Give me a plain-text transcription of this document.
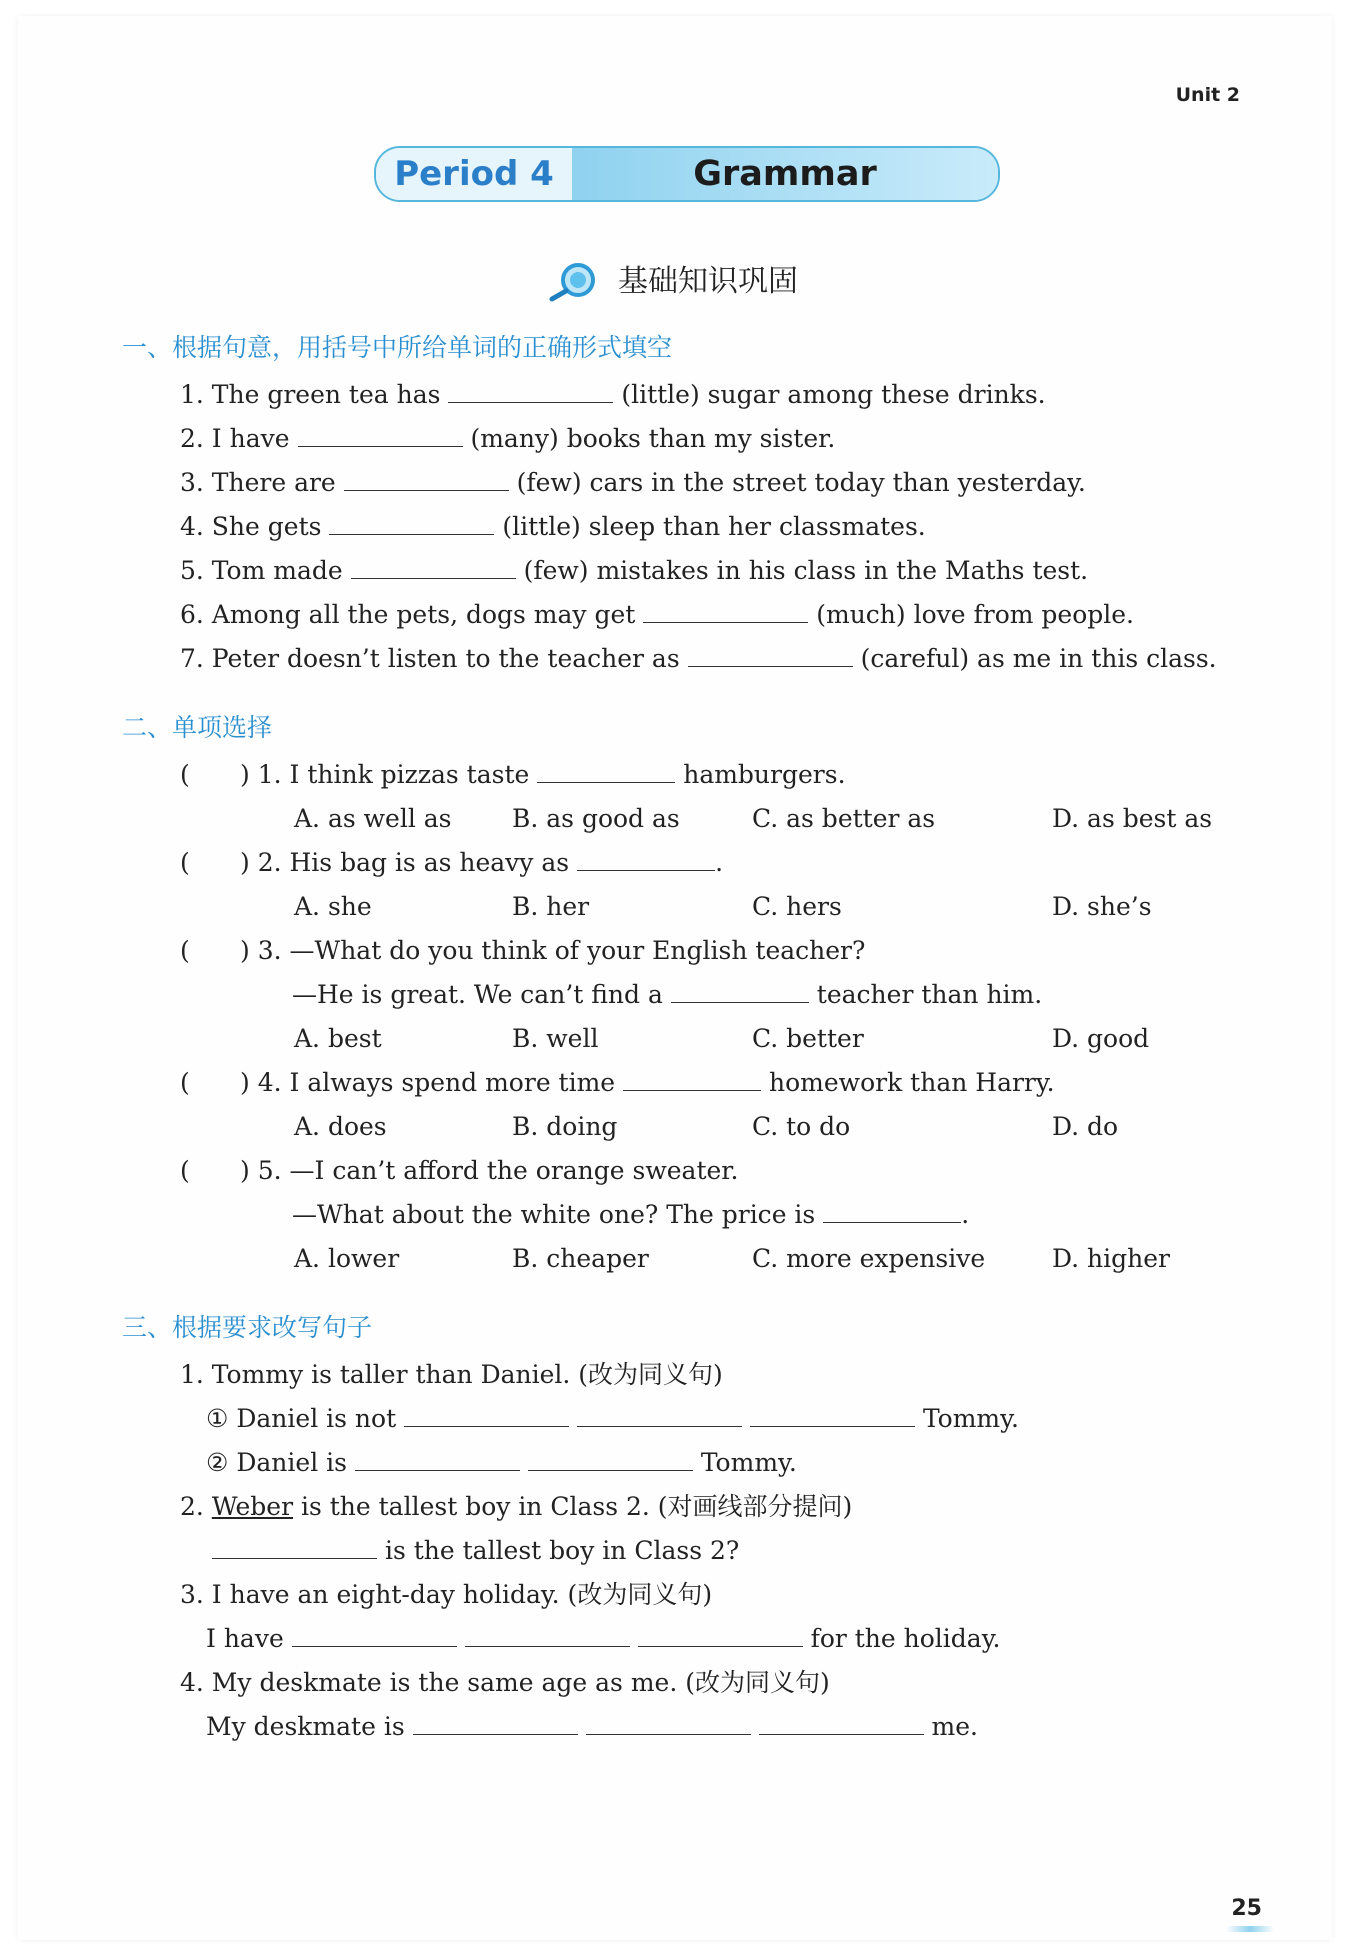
Unit 2
25
Period 4	Grammar
基础知识巩固
一、根据句意，用括号中所给单词的正确形式填空
1. The green tea has	(little) sugar among these drinks.
2. I have	(many) books than my sister.
3. There are	(few) cars in the street today than yesterday.
4. She gets	(little) sleep than her classmates.
5. Tom made	(few) mistakes in his class in the Maths test.
6. Among all the pets, dogs may get	(much) love from people.
7. Peter doesn’t listen to the teacher as	(careful) as me in this class.
二、单项选择
( ) 1. I think pizzas taste	hamburgers.
A. as well as B. as good as	C. as better as	D. as best as
( ) 2. His bag is as heavy as	.
A. she	B. her	C. hers	D. she’s
( ) 3. —What do you think of your English teacher?
—He is great. We can’t find a	teacher than him.
A. best	B. well	C. better	D. good
( ) 4. I always spend more time	homework than Harry.
A. does	B. doing	C. to do	D. do
( ) 5. —I can’t afford the orange sweater.
—What about the white one? The price is	.
A. lower	B. cheaper	C. more expensive	D. higher
三、根据要求改写句子
1. Tommy is taller than Daniel. (改为同义句)
① Daniel is not	Tommy.
② Daniel is	Tommy.
2. Weber is the tallest boy in Class 2. (对画线部分提问)
is the tallest boy in Class 2?
3. I have an eight-day holiday. (改为同义句)
I have	for the holiday.
4. My deskmate is the same age as me. (改为同义句)
My deskmate is	me.
